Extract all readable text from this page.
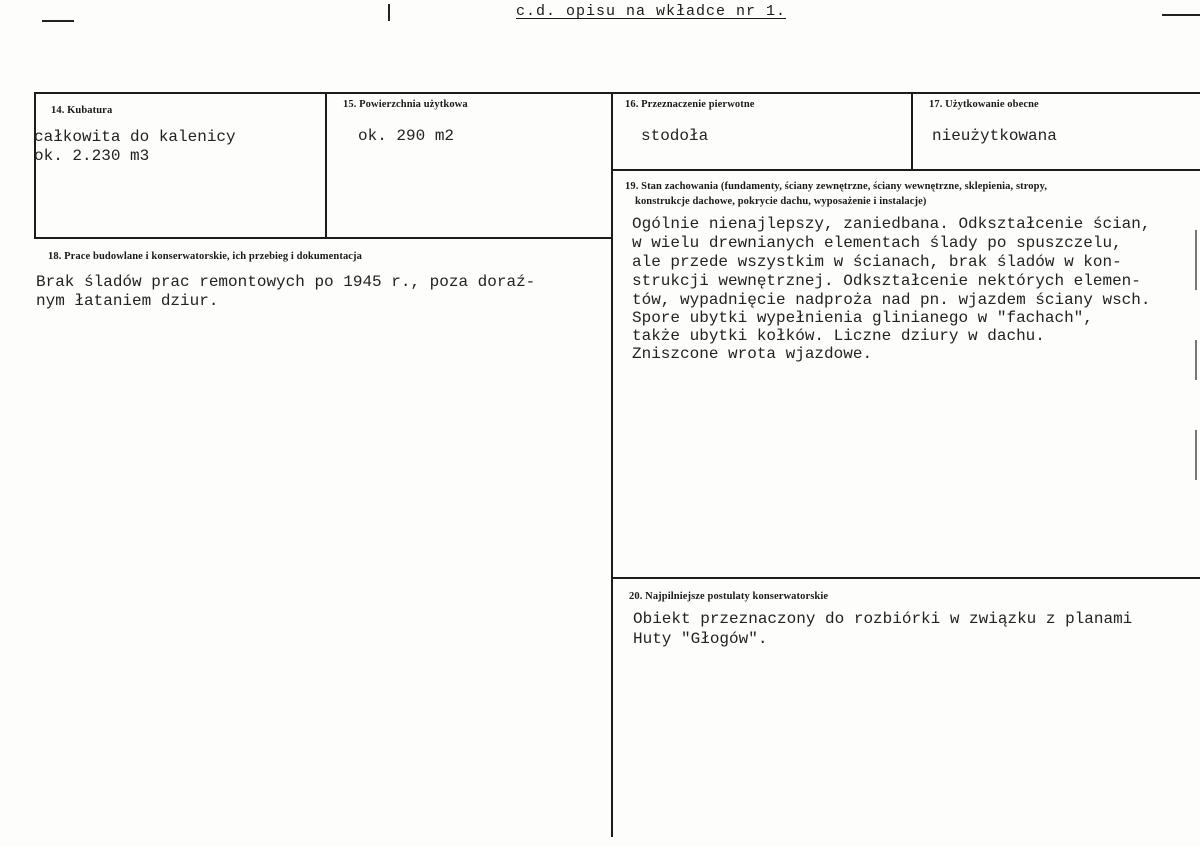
c.d. opisu na wkładce nr 1.
14. Kubatura
całkowita do kalenicy
ok. 2.230 m3
15. Powierzchnia użytkowa
ok. 290 m2
16. Przeznaczenie pierwotne
stodoła
17. Użytkowanie obecne
nieużytkowana
19. Stan zachowania (fundamenty, ściany zewnętrzne, ściany wewnętrzne, sklepienia, stropy,
konstrukcje dachowe, pokrycie dachu, wyposażenie i instalacje)
Ogólnie nienajlepszy, zaniedbana. Odkształcenie ścian,
w wielu drewnianych elementach ślady po spuszczelu,
ale przede wszystkim w ścianach, brak śladów w kon-
strukcji wewnętrznej. Odkształcenie nektórych elemen-
tów, wypadnięcie nadproża nad pn. wjazdem ściany wsch.
Spore ubytki wypełnienia glinianego w "fachach",
także ubytki kołków. Liczne dziury w dachu.
Zniszcone wrota wjazdowe.
18. Prace budowlane i konserwatorskie, ich przebieg i dokumentacja
Brak śladów prac remontowych po 1945 r., poza doraź-
nym łataniem dziur.
20. Najpilniejsze postulaty konserwatorskie
Obiekt przeznaczony do rozbiórki w związku z planami
Huty "Głogów".
